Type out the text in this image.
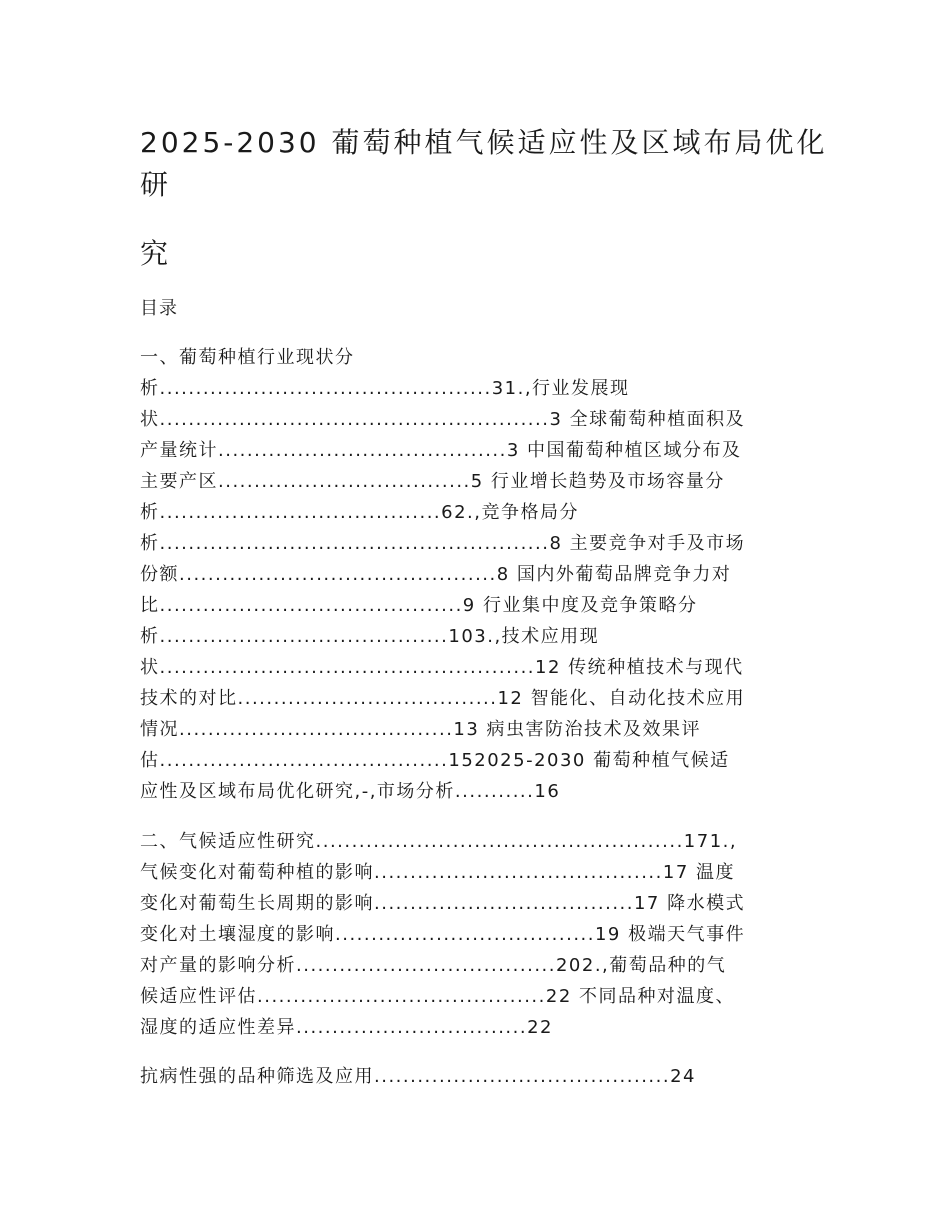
2025-2030 葡萄种植气候适应性及区域布局优化研
究
目录
一、葡萄种植行业现状分
析..............................................31.,行业发展现
状......................................................3 全球葡萄种植面积及
产量统计........................................3 中国葡萄种植区域分布及
主要产区...................................5 行业增长趋势及市场容量分
析.......................................62.,竞争格局分
析......................................................8 主要竞争对手及市场
份额............................................8 国内外葡萄品牌竞争力对
比..........................................9 行业集中度及竞争策略分
析........................................103.,技术应用现
状....................................................12 传统种植技术与现代
技术的对比....................................12 智能化、自动化技术应用
情况......................................13 病虫害防治技术及效果评
估........................................152025-2030 葡萄种植气候适
应性及区域布局优化研究,-,市场分析...........16
二、气候适应性研究...................................................171.,
气候变化对葡萄种植的影响........................................17 温度
变化对葡萄生长周期的影响....................................17 降水模式
变化对土壤湿度的影响....................................19 极端天气事件
对产量的影响分析....................................202.,葡萄品种的气
候适应性评估........................................22 不同品种对温度、
湿度的适应性差异................................22
抗病性强的品种筛选及应用.........................................24
